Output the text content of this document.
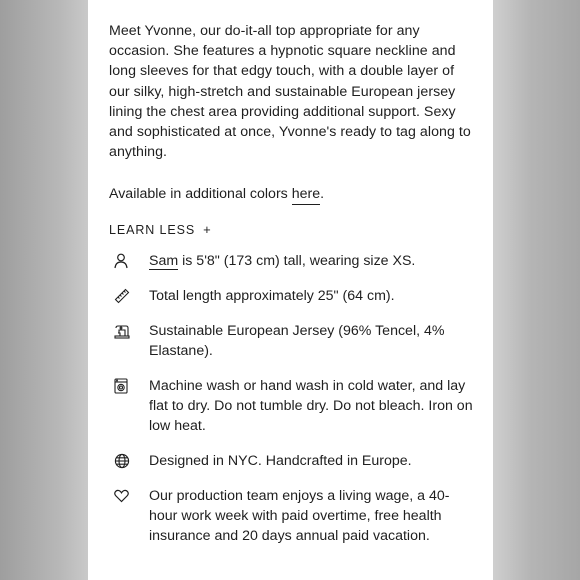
Meet Yvonne, our do-it-all top appropriate for any occasion. She features a hypnotic square neckline and long sleeves for that edgy touch, with a double layer of our silky, high-stretch and sustainable European jersey lining the chest area providing additional support. Sexy and sophisticated at once, Yvonne's ready to tag along to anything.

Available in additional colors here.

LEARN LESS +
Sam is 5'8" (173 cm) tall, wearing size XS.
Total length approximately 25" (64 cm).
Sustainable European Jersey (96% Tencel, 4% Elastane).
Machine wash or hand wash in cold water, and lay flat to dry. Do not tumble dry. Do not bleach. Iron on low heat.
Designed in NYC. Handcrafted in Europe.
Our production team enjoys a living wage, a 40-hour work week with paid overtime, free health insurance and 20 days annual paid vacation.
